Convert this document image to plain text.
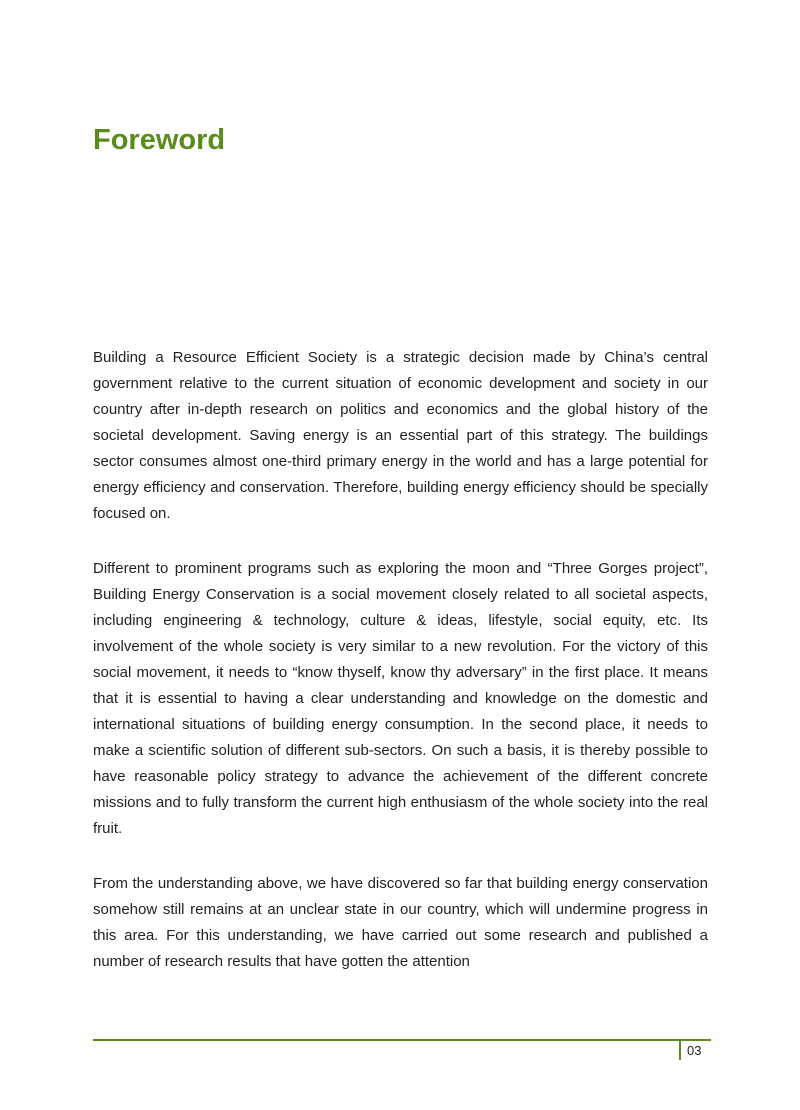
Foreword

Building a Resource Efficient Society is a strategic decision made by China’s central government relative to the current situation of economic development and society in our country after in-depth research on politics and economics and the global history of the societal development. Saving energy is an essential part of this strategy. The buildings sector consumes almost one-third primary energy in the world and has a large potential for energy efficiency and conservation. Therefore, building energy efficiency should be specially focused on.

Different to prominent programs such as exploring the moon and “Three Gorges project”, Building Energy Conservation is a social movement closely related to all societal aspects, including engineering & technology, culture & ideas, lifestyle, social equity, etc. Its involvement of the whole society is very similar to a new revolution. For the victory of this social movement, it needs to “know thyself, know thy adversary” in the first place. It means that it is essential to having a clear understanding and knowledge on the domestic and international situations of building energy consumption. In the second place, it needs to make a scientific solution of different sub-sectors. On such a basis, it is thereby possible to have reasonable policy strategy to advance the achievement of the different concrete missions and to fully transform the current high enthusiasm of the whole society into the real fruit.

From the understanding above, we have discovered so far that building energy conservation somehow still remains at an unclear state in our country, which will undermine progress in this area. For this understanding, we have carried out some research and published a number of research results that have gotten the attention

03
